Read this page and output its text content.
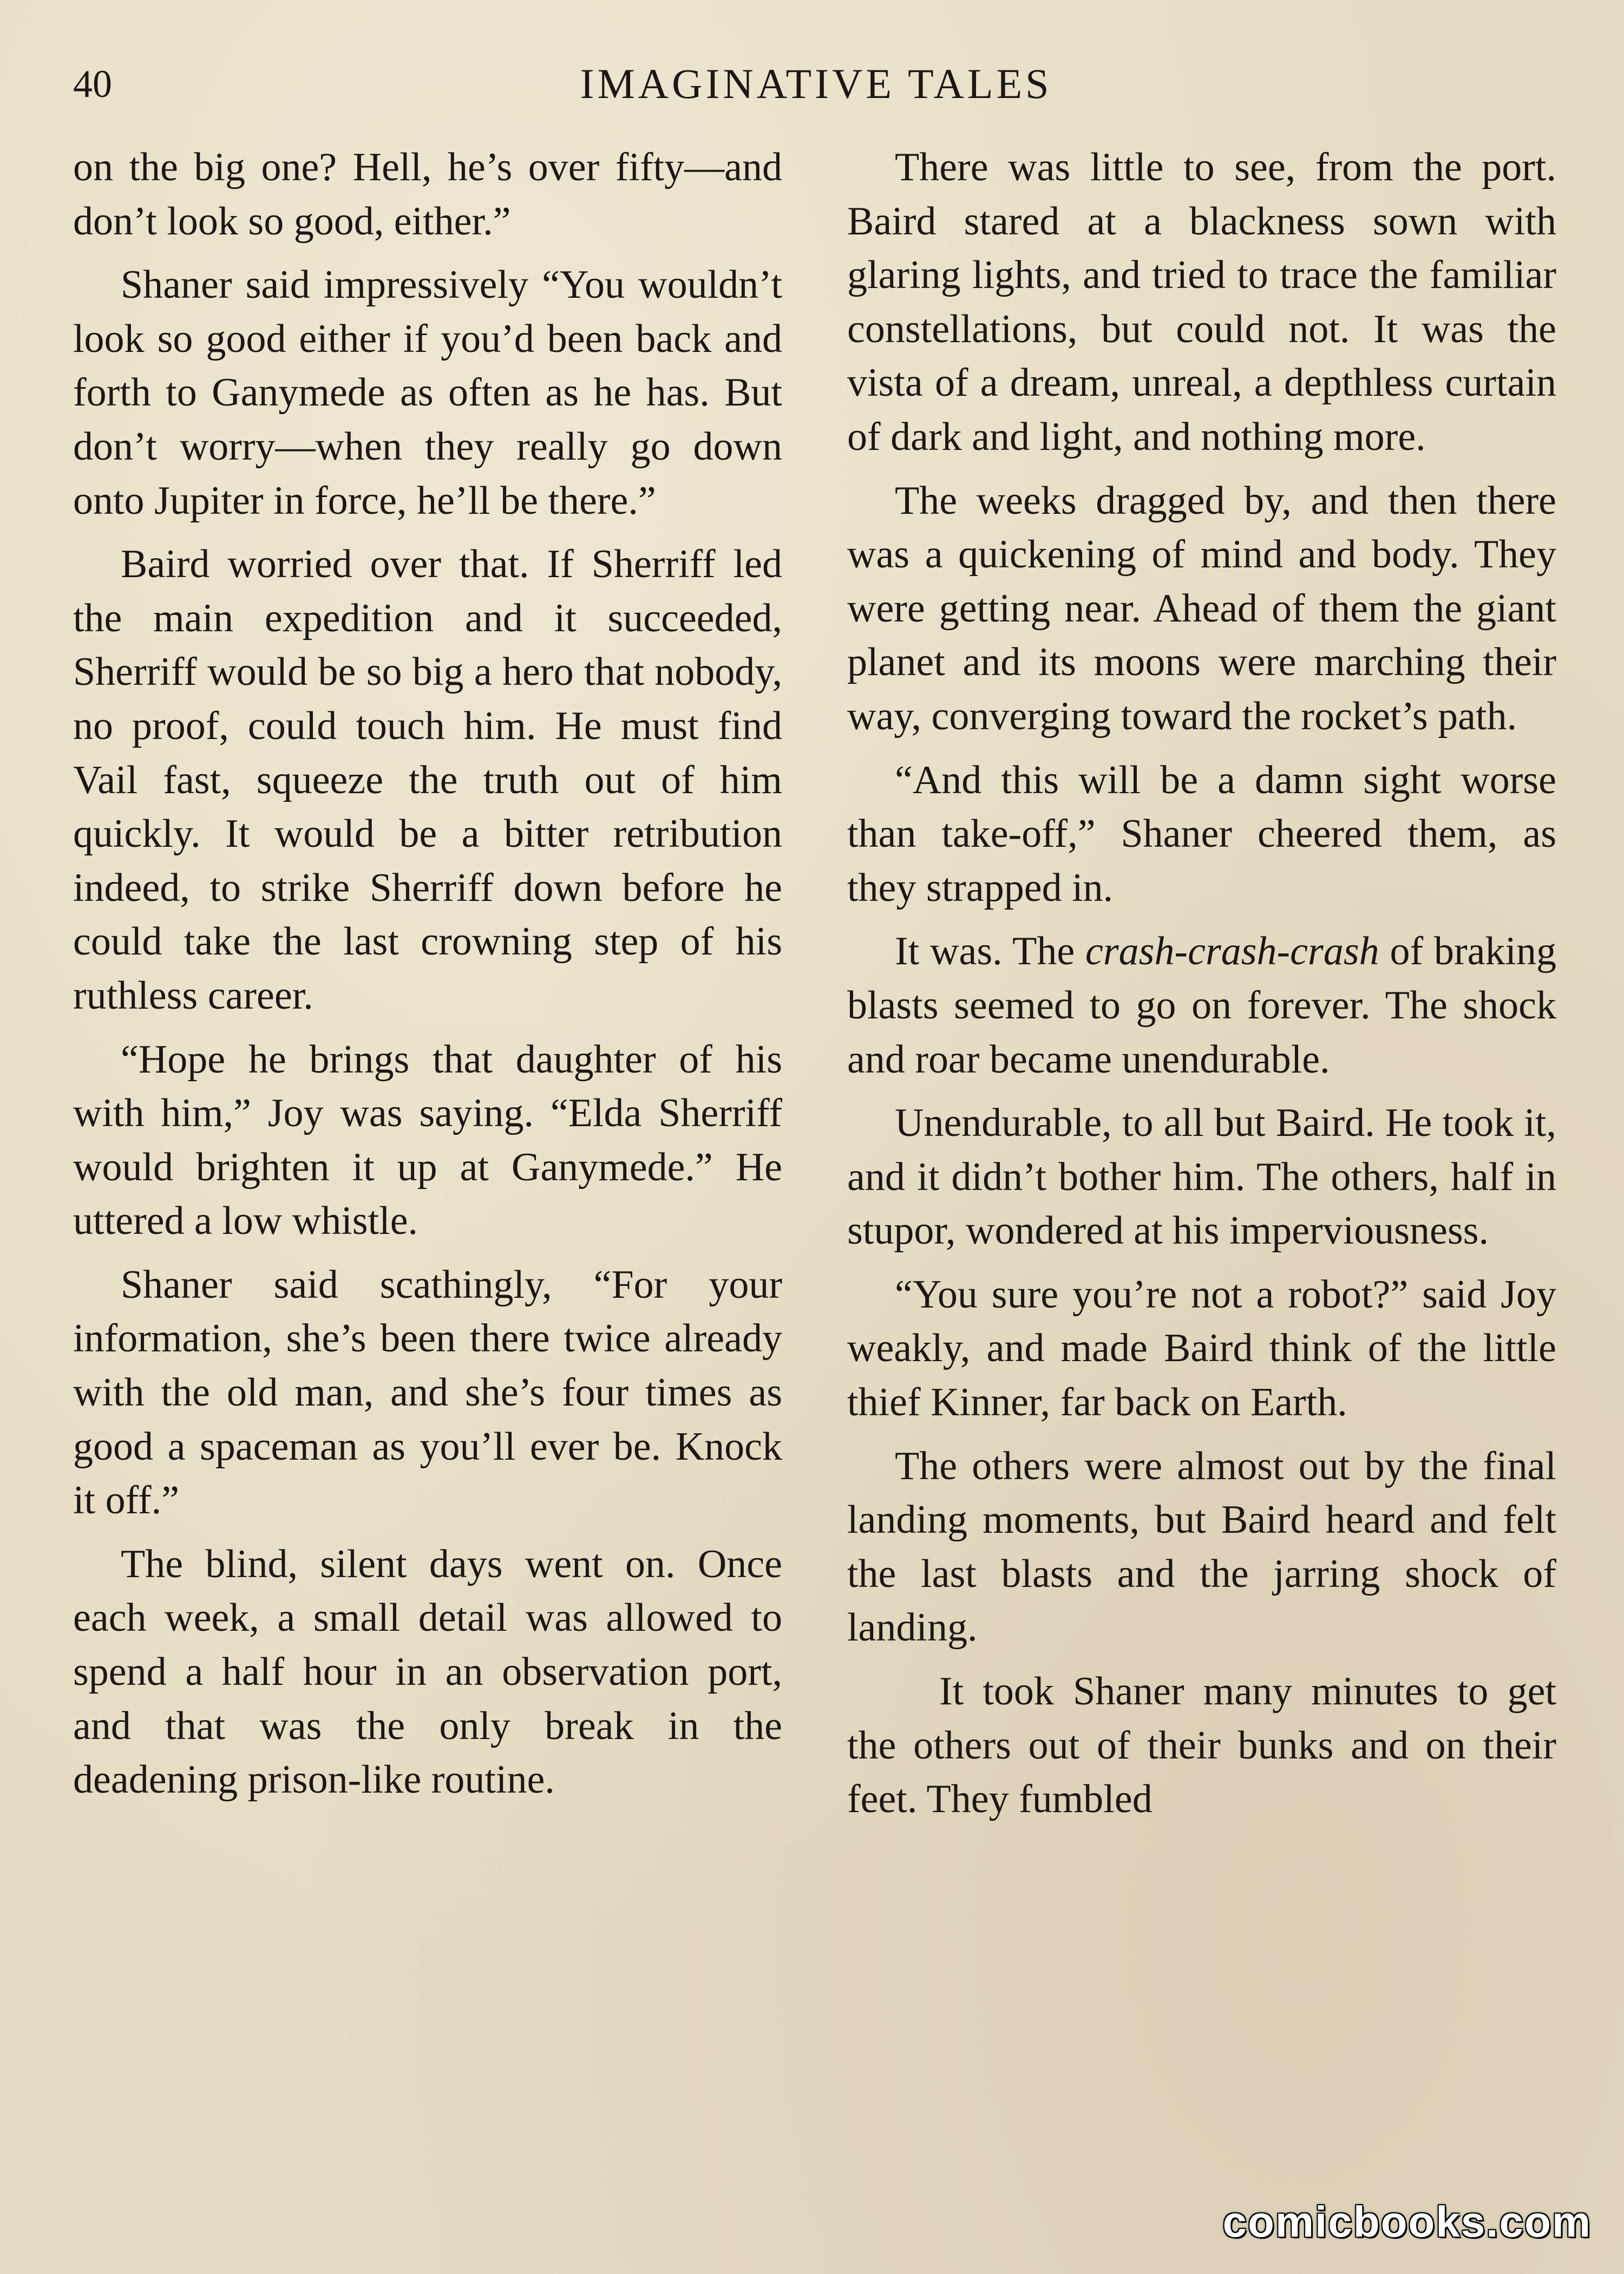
40	IMAGINATIVE TALES

on the big one? Hell, he’s over fifty—and don’t look so good, either.”

Shaner said impressively “You wouldn’t look so good either if you’d been back and forth to Ganymede as often as he has. But don’t worry—when they really go down onto Jupiter in force, he’ll be there.”

Baird worried over that. If Sherriff led the main expedition and it succeeded, Sherriff would be so big a hero that nobody, no proof, could touch him. He must find Vail fast, squeeze the truth out of him quickly. It would be a bitter retribution indeed, to strike Sherriff down before he could take the last crowning step of his ruthless career.

“Hope he brings that daughter of his with him,” Joy was saying. “Elda Sherriff would brighten it up at Ganymede.” He uttered a low whistle.

Shaner said scathingly, “For your information, she’s been there twice already with the old man, and she’s four times as good a spaceman as you’ll ever be. Knock it off.”

The blind, silent days went on. Once each week, a small detail was allowed to spend a half hour in an observation port, and that was the only break in the deadening prison-like routine.

There was little to see, from the port. Baird stared at a blackness sown with glaring lights, and tried to trace the familiar constellations, but could not. It was the vista of a dream, unreal, a depthless curtain of dark and light, and nothing more.

The weeks dragged by, and then there was a quickening of mind and body. They were getting near. Ahead of them the giant planet and its moons were marching their way, converging toward the rocket’s path.

“And this will be a damn sight worse than take-off,” Shaner cheered them, as they strapped in.

It was. The crash-crash-crash of braking blasts seemed to go on forever. The shock and roar became unendurable.

Unendurable, to all but Baird. He took it, and it didn’t bother him. The others, half in stupor, wondered at his imperviousness.

“You sure you’re not a robot?” said Joy weakly, and made Baird think of the little thief Kinner, far back on Earth.

The others were almost out by the final landing moments, but Baird heard and felt the last blasts and the jarring shock of landing.

It took Shaner many minutes to get the others out of their bunks and on their feet. They fumbled

comicbooks.com
